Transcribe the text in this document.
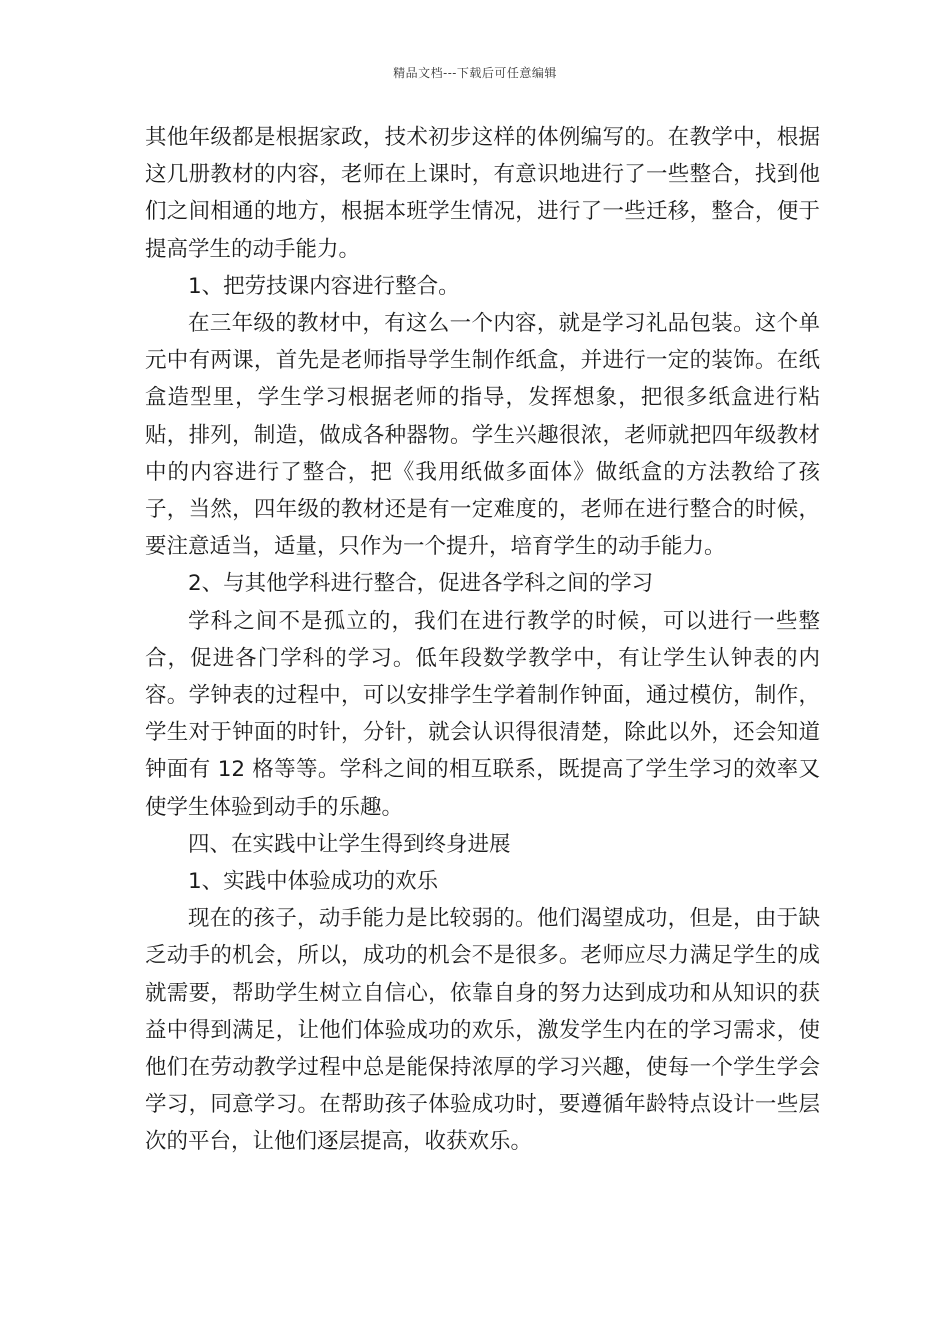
精品文档---下载后可任意编辑

其他年级都是根据家政，技术初步这样的体例编写的。在教学中，根据这几册教材的内容，老师在上课时，有意识地进行了一些整合，找到他们之间相通的地方，根据本班学生情况，进行了一些迁移，整合，便于提高学生的动手能力。

1、把劳技课内容进行整合。

在三年级的教材中，有这么一个内容，就是学习礼品包装。这个单元中有两课，首先是老师指导学生制作纸盒，并进行一定的装饰。在纸盒造型里，学生学习根据老师的指导，发挥想象，把很多纸盒进行粘贴，排列，制造，做成各种器物。学生兴趣很浓，老师就把四年级教材中的内容进行了整合，把《我用纸做多面体》做纸盒的方法教给了孩子，当然，四年级的教材还是有一定难度的，老师在进行整合的时候，要注意适当，适量，只作为一个提升，培育学生的动手能力。

2、与其他学科进行整合，促进各学科之间的学习

学科之间不是孤立的，我们在进行教学的时候，可以进行一些整合，促进各门学科的学习。低年段数学教学中，有让学生认钟表的内容。学钟表的过程中，可以安排学生学着制作钟面，通过模仿，制作，学生对于钟面的时针，分针，就会认识得很清楚，除此以外，还会知道钟面有 12 格等等。学科之间的相互联系，既提高了学生学习的效率又使学生体验到动手的乐趣。

四、在实践中让学生得到终身进展

1、实践中体验成功的欢乐

现在的孩子，动手能力是比较弱的。他们渴望成功，但是，由于缺乏动手的机会，所以，成功的机会不是很多。老师应尽力满足学生的成就需要，帮助学生树立自信心，依靠自身的努力达到成功和从知识的获益中得到满足，让他们体验成功的欢乐，激发学生内在的学习需求，使他们在劳动教学过程中总是能保持浓厚的学习兴趣，使每一个学生学会学习，同意学习。在帮助孩子体验成功时，要遵循年龄特点设计一些层次的平台，让他们逐层提高，收获欢乐。
